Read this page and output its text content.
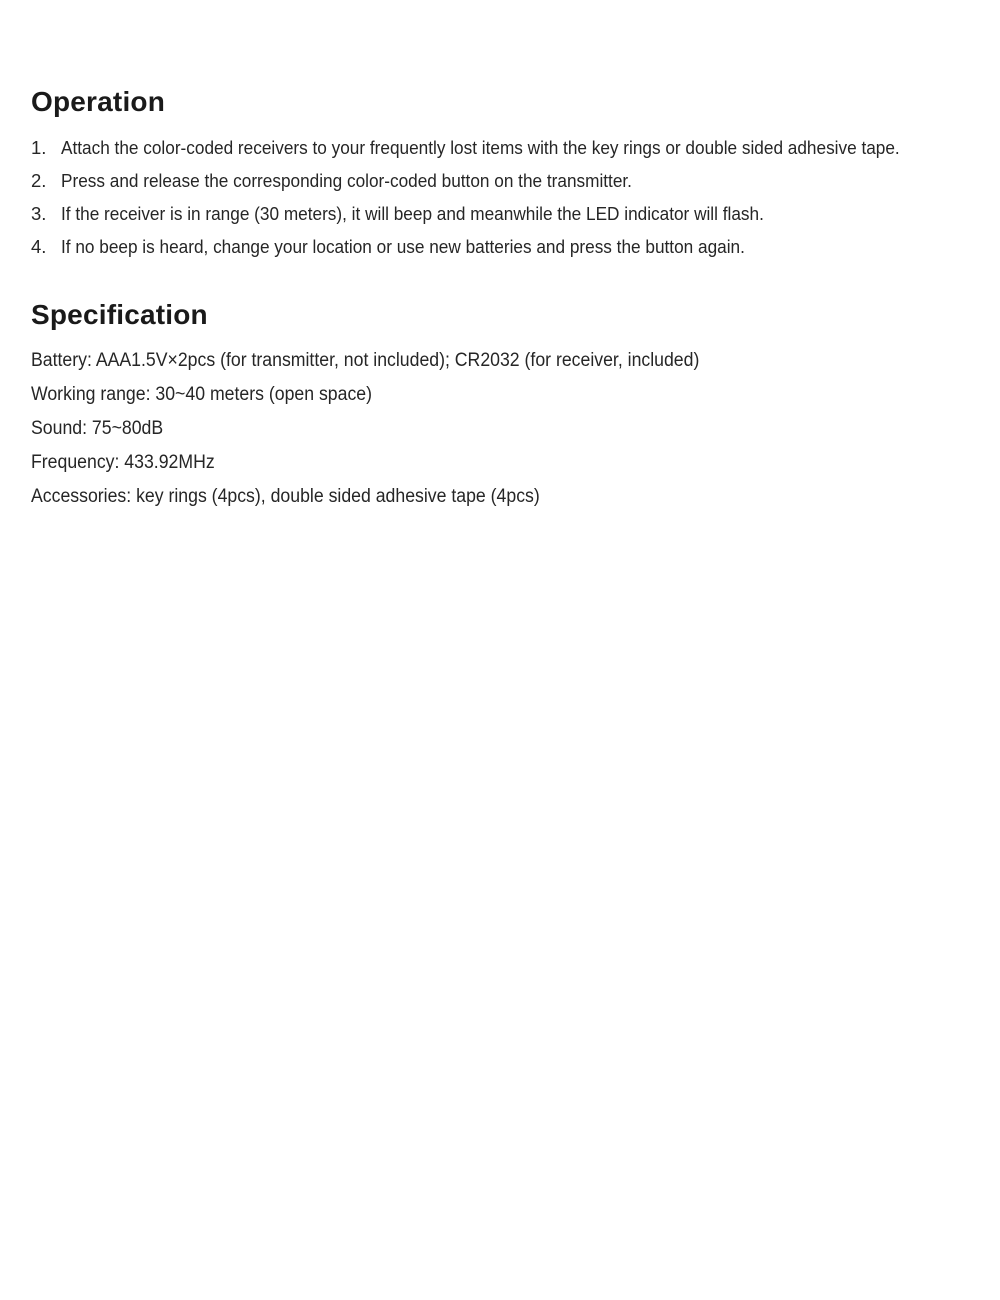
Operation
1. Attach the color-coded receivers to your frequently lost items with the key rings or double sided adhesive tape.
2. Press and release the corresponding color-coded button on the transmitter.
3. If the receiver is in range (30 meters), it will beep and meanwhile the LED indicator will flash.
4. If no beep is heard, change your location or use new batteries and press the button again.
Specification
Battery: AAA1.5V×2pcs (for transmitter, not included); CR2032 (for receiver, included)
Working range: 30~40 meters (open space)
Sound: 75~80dB
Frequency: 433.92MHz
Accessories: key rings (4pcs), double sided adhesive tape (4pcs)
